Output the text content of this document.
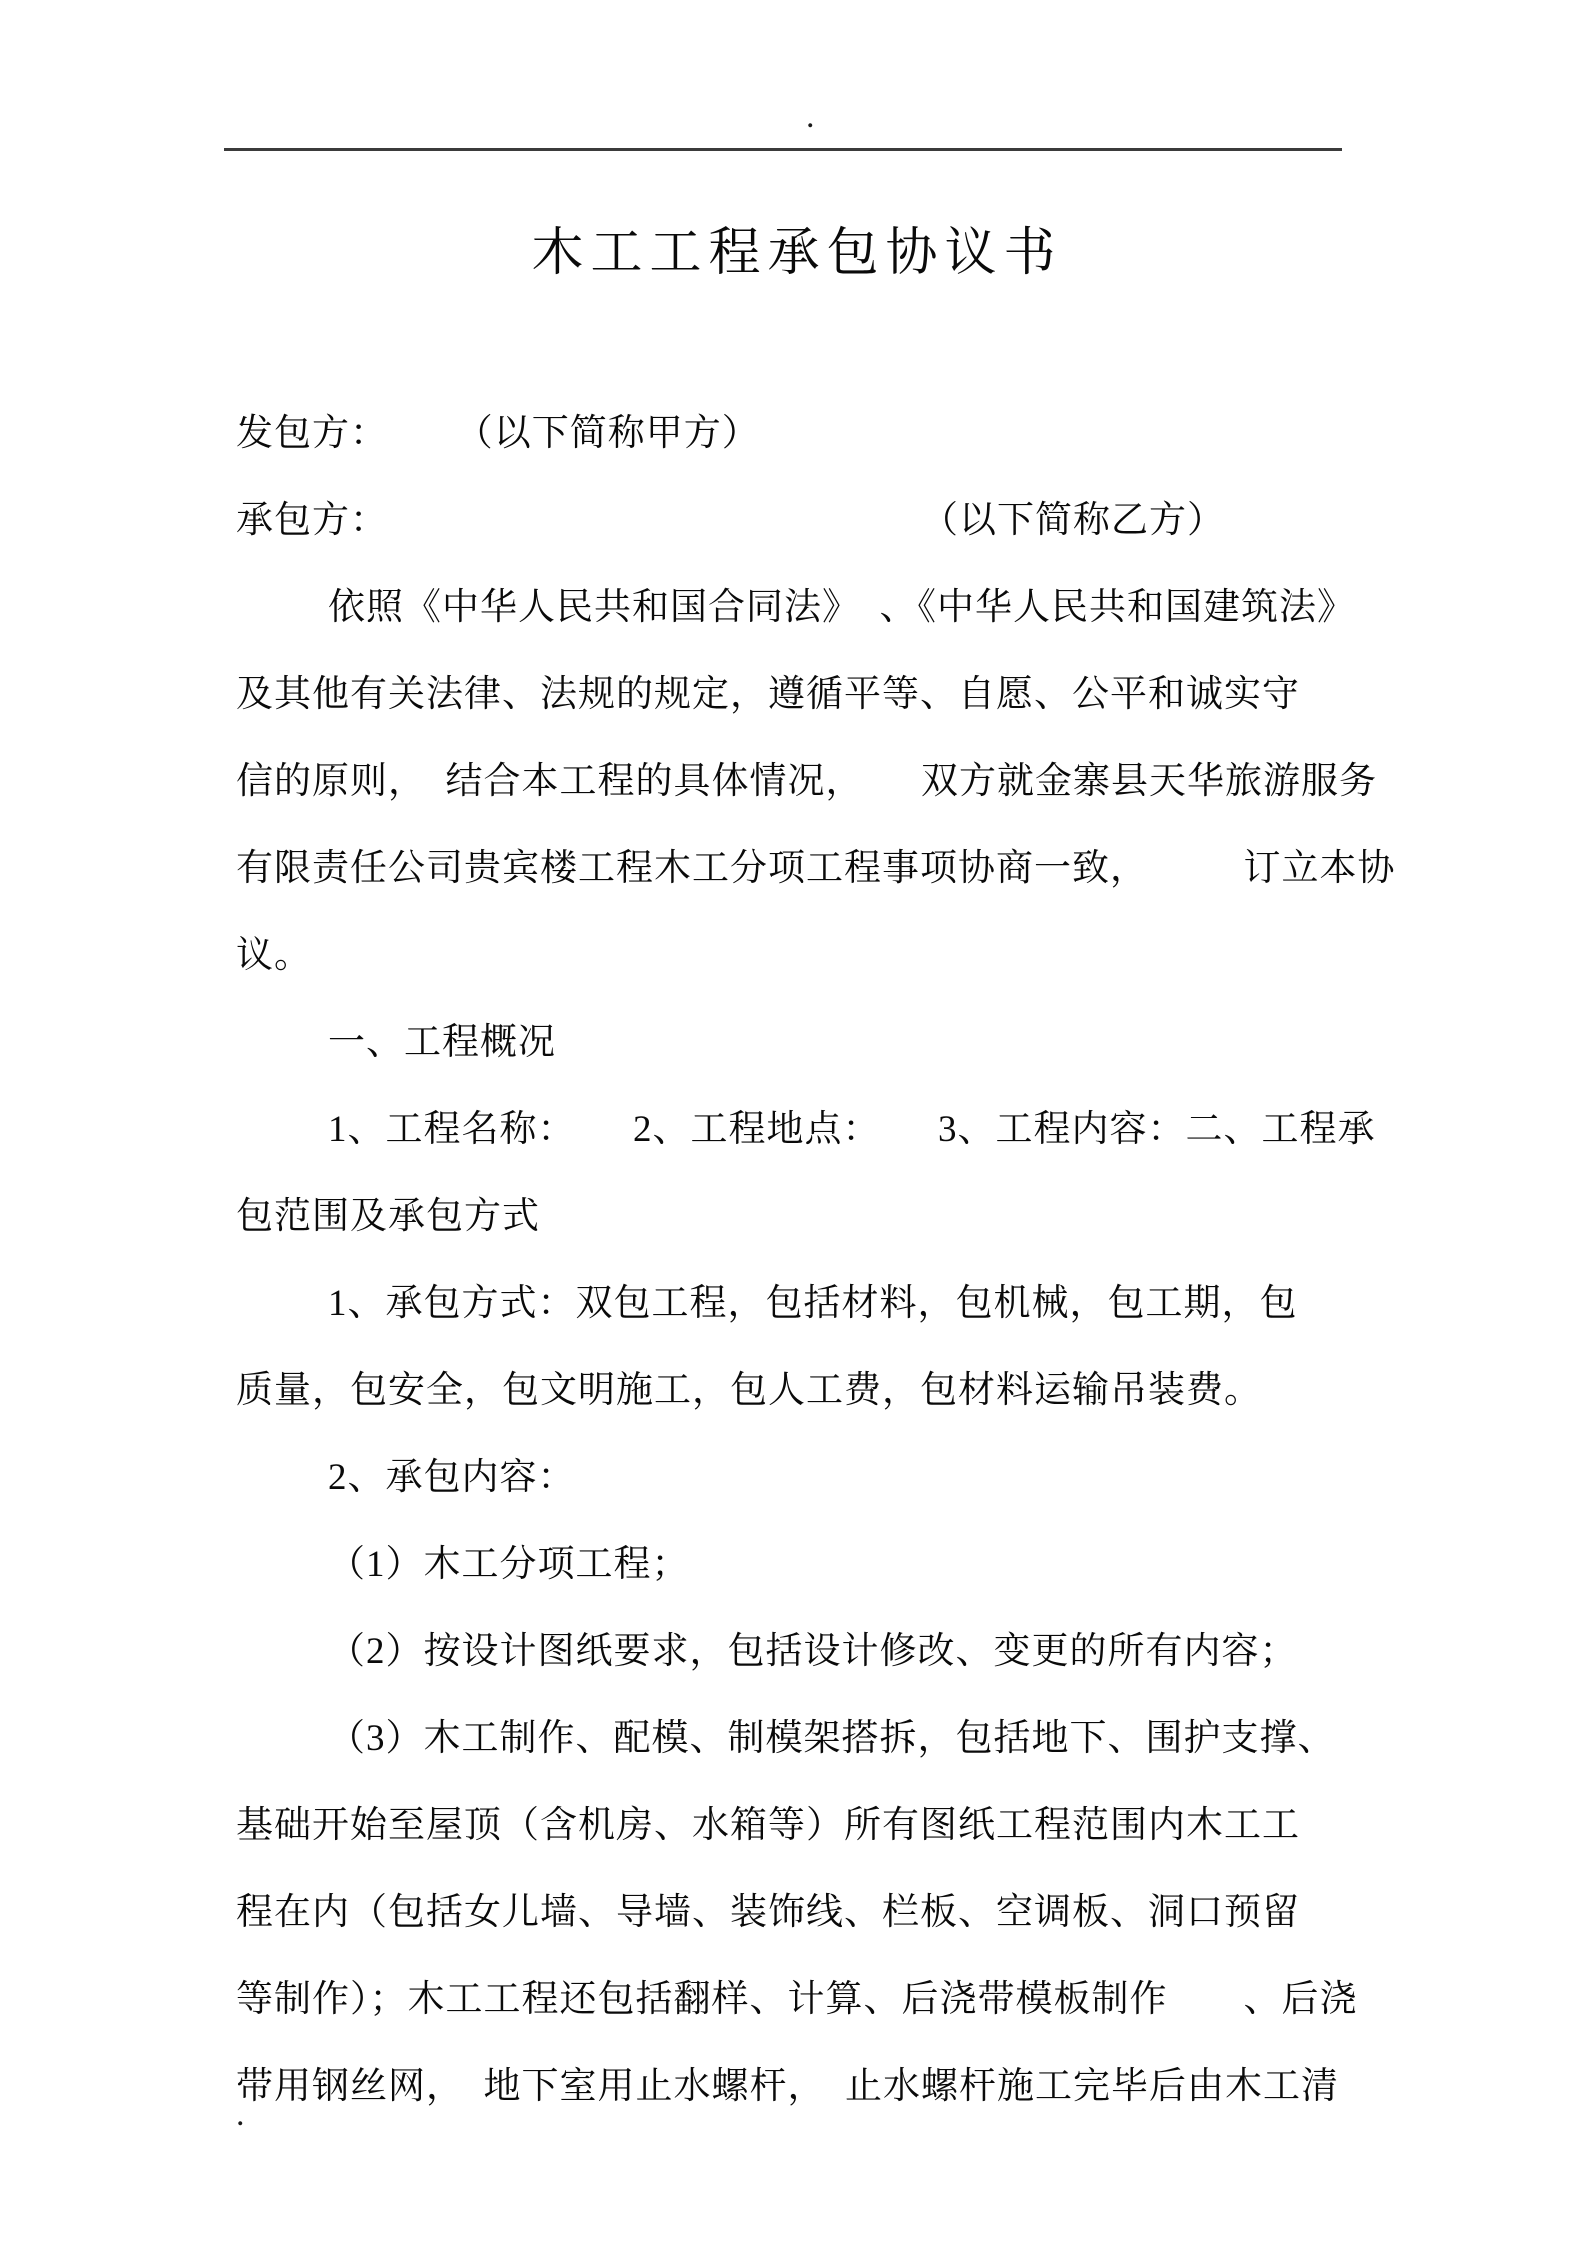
.
木工工程承包协议书
发包方：　　 （以下简称甲方）
承包方：　　　　　　　　　　　　　　　（以下简称乙方）
依照《中华人民共和国合同法》　、《中华人民共和国建筑法》
及其他有关法律、法规的规定，遵循平等、自愿、公平和诚实守
信的原则，　结合本工程的具体情况，　　双方就金寨县天华旅游服务
有限责任公司贵宾楼工程木工分项工程事项协商一致，　　　订立本协
议。
一、工程概况
1、工程名称：　　2、工程地点：　　3、工程内容：二、工程承
包范围及承包方式
1、承包方式：双包工程，包括材料，包机械，包工期，包
质量，包安全，包文明施工，包人工费，包材料运输吊装费。
2、承包内容：
（1）木工分项工程；
（2）按设计图纸要求，包括设计修改、变更的所有内容；
（3）木工制作、配模、制模架搭拆，包括地下、围护支撑、
基础开始至屋顶（含机房、水箱等）所有图纸工程范围内木工工
程在内（包括女儿墙、导墙、装饰线、栏板、空调板、洞口预留
等制作）；木工工程还包括翻样、计算、后浇带模板制作　　、后浇
带用钢丝网，　地下室用止水螺杆，　止水螺杆施工完毕后由木工清
.
